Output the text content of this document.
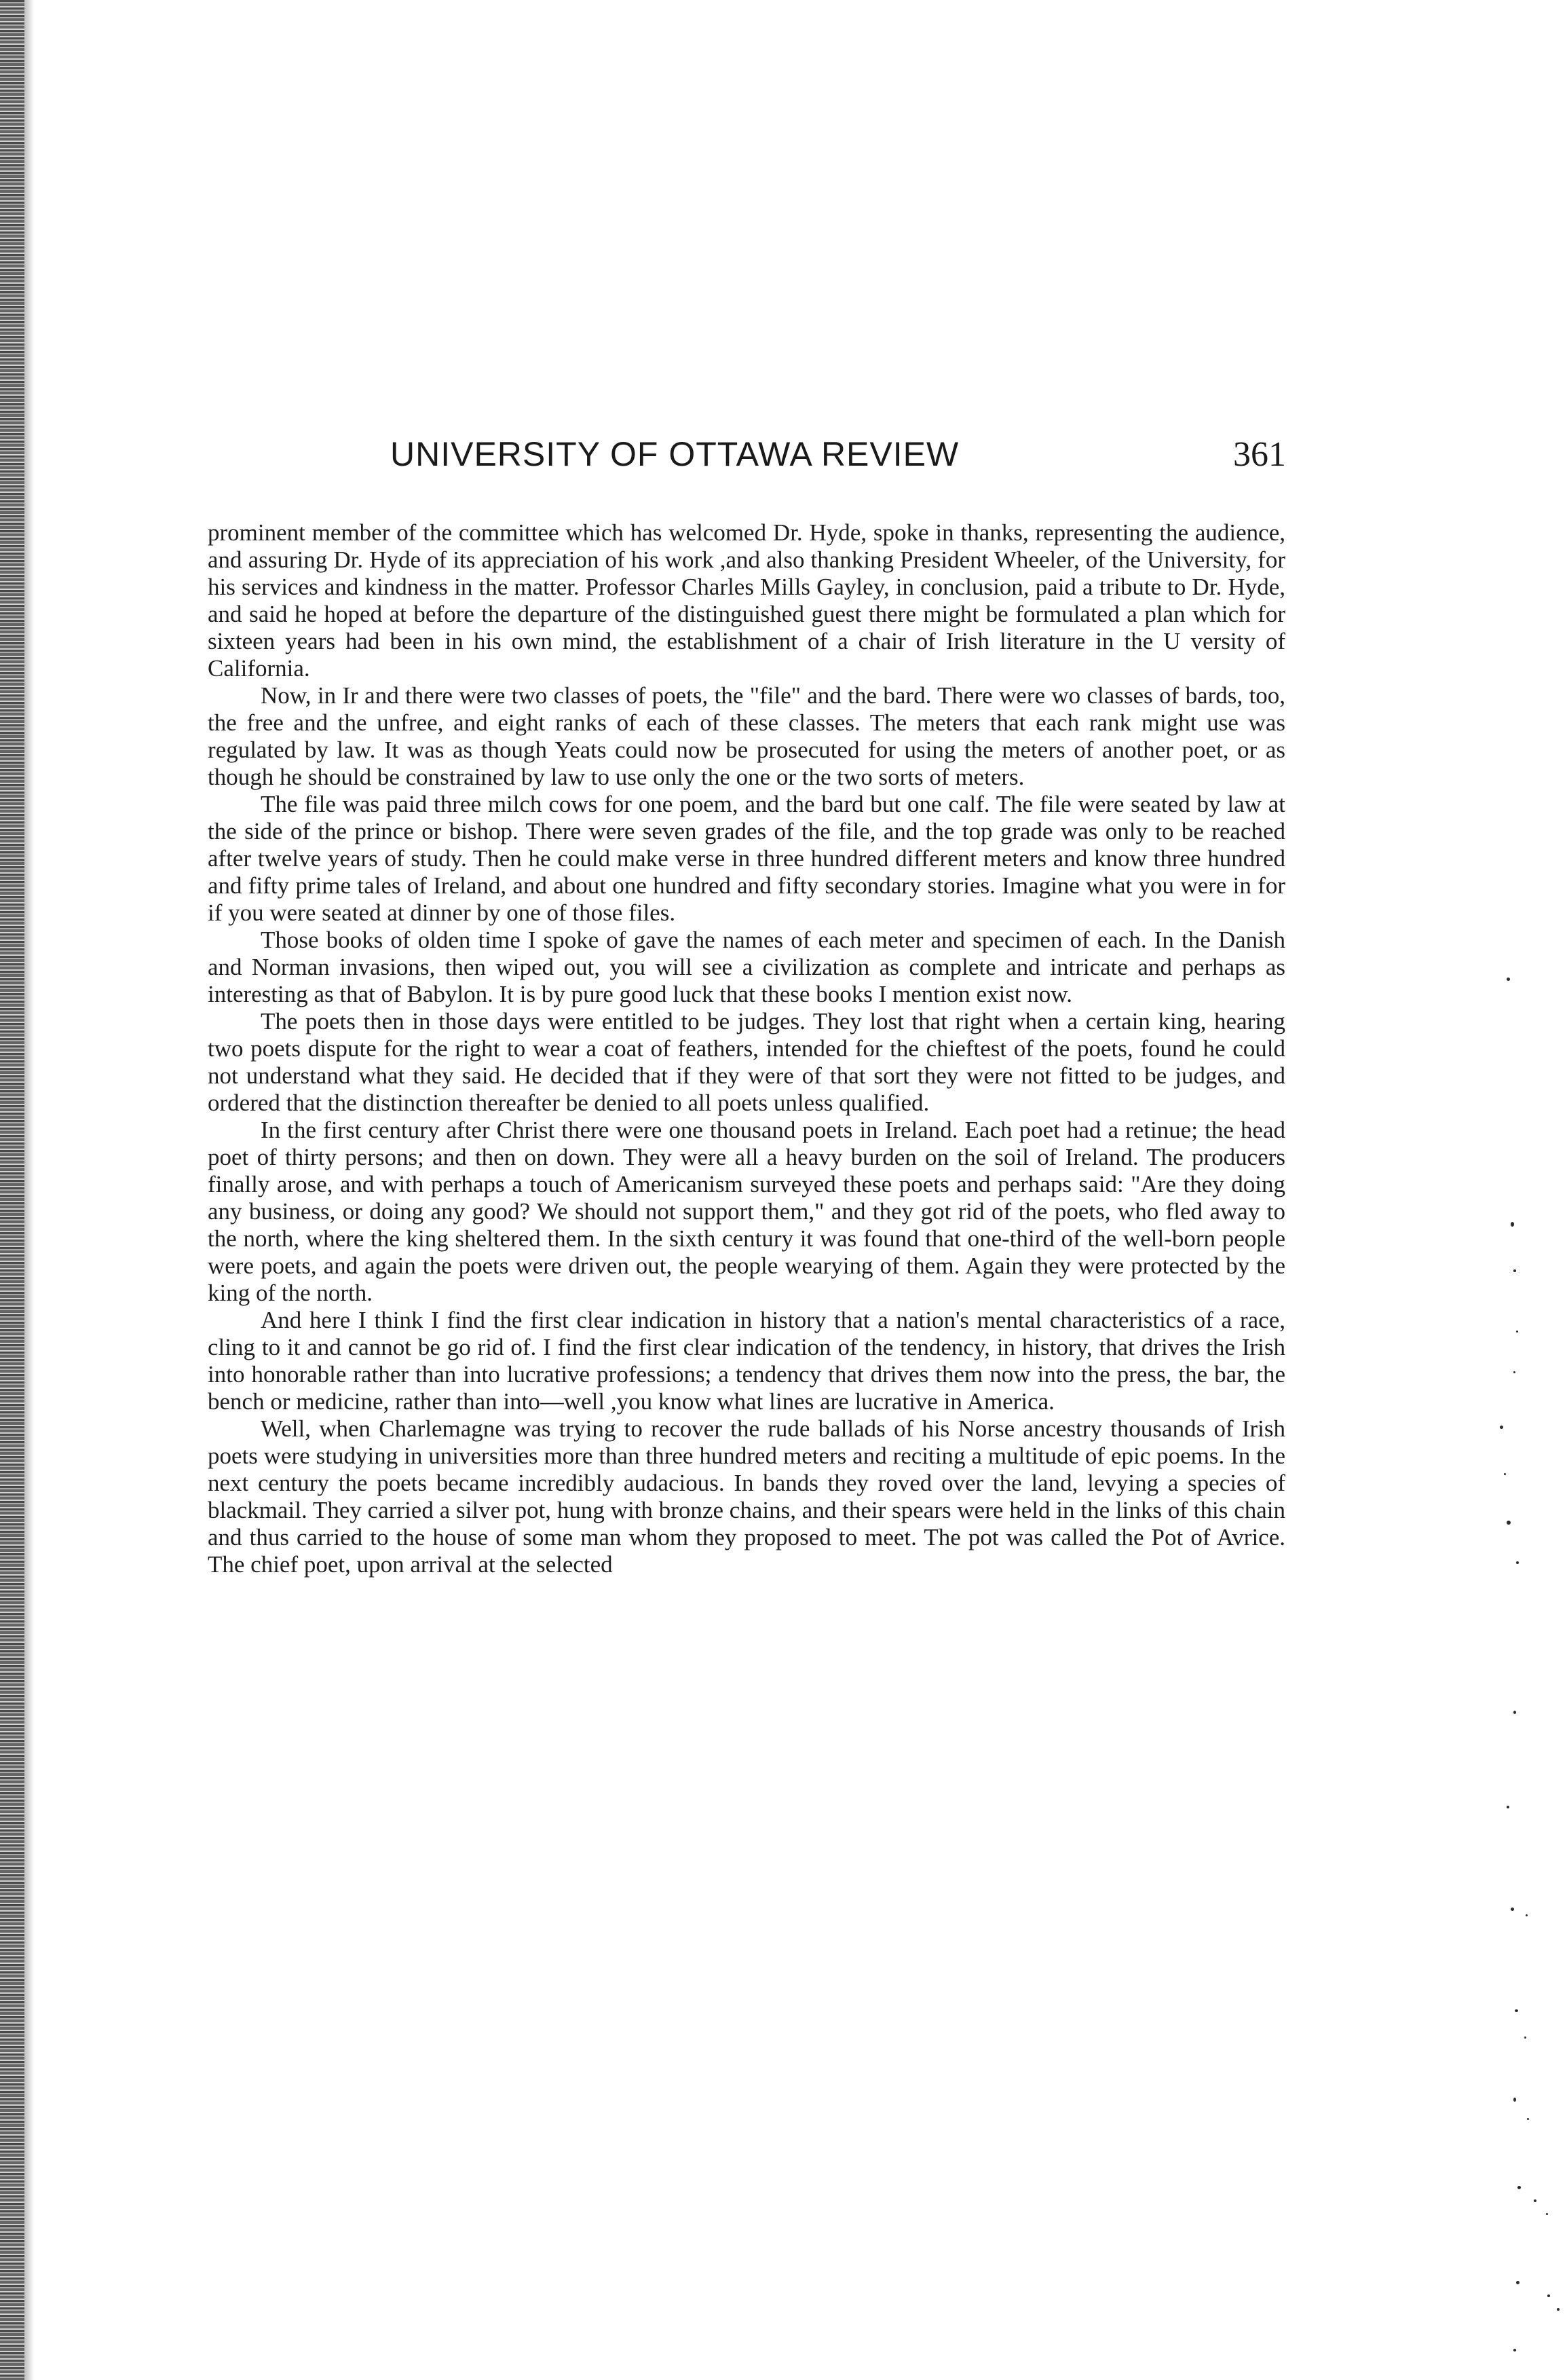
UNIVERSITY OF OTTAWA REVIEW	361

prominent member of the committee which has welcomed Dr. Hyde, spoke in thanks, representing the audience, and assuring Dr. Hyde of its appreciation of his work ,and also thanking President Wheeler, of the University, for his services and kindness in the matter. Professor Charles Mills Gayley, in conclusion, paid a tribute to Dr. Hyde, and said he hoped at before the departure of the distinguished guest there might be formulated a plan which for sixteen years had been in his own mind, the establishment of a chair of Irish literature in the U versity of California.

Now, in Ir and there were two classes of poets, the "file" and the bard. There were wo classes of bards, too, the free and the unfree, and eight ranks of each of these classes. The meters that each rank might use was regulated by law. It was as though Yeats could now be prosecuted for using the meters of another poet, or as though he should be constrained by law to use only the one or the two sorts of meters.

The file was paid three milch cows for one poem, and the bard but one calf. The file were seated by law at the side of the prince or bishop. There were seven grades of the file, and the top grade was only to be reached after twelve years of study. Then he could make verse in three hundred different meters and know three hundred and fifty prime tales of Ireland, and about one hundred and fifty secondary stories. Imagine what you were in for if you were seated at dinner by one of those files.

Those books of olden time I spoke of gave the names of each meter and specimen of each. In the Danish and Norman invasions, then wiped out, you will see a civilization as complete and intricate and perhaps as interesting as that of Babylon. It is by pure good luck that these books I mention exist now.

The poets then in those days were entitled to be judges. They lost that right when a certain king, hearing two poets dispute for the right to wear a coat of feathers, intended for the chieftest of the poets, found he could not understand what they said. He decided that if they were of that sort they were not fitted to be judges, and ordered that the distinction thereafter be denied to all poets unless qualified.

In the first century after Christ there were one thousand poets in Ireland. Each poet had a retinue; the head poet of thirty persons; and then on down. They were all a heavy burden on the soil of Ireland. The producers finally arose, and with perhaps a touch of Americanism surveyed these poets and perhaps said: "Are they doing any business, or doing any good? We should not support them," and they got rid of the poets, who fled away to the north, where the king sheltered them. In the sixth century it was found that one-third of the well-born people were poets, and again the poets were driven out, the people wearying of them. Again they were protected by the king of the north.

And here I think I find the first clear indication in history that a nation's mental characteristics of a race, cling to it and cannot be go rid of. I find the first clear indication of the tendency, in history, that drives the Irish into honorable rather than into lucrative professions; a tendency that drives them now into the press, the bar, the bench or medicine, rather than into—well ,you know what lines are lucrative in America.

Well, when Charlemagne was trying to recover the rude ballads of his Norse ancestry thousands of Irish poets were studying in universities more than three hundred meters and reciting a multitude of epic poems. In the next century the poets became incredibly audacious. In bands they roved over the land, levying a species of blackmail. They carried a silver pot, hung with bronze chains, and their spears were held in the links of this chain and thus carried to the house of some man whom they proposed to meet. The pot was called the Pot of Avrice. The chief poet, upon arrival at the selected
